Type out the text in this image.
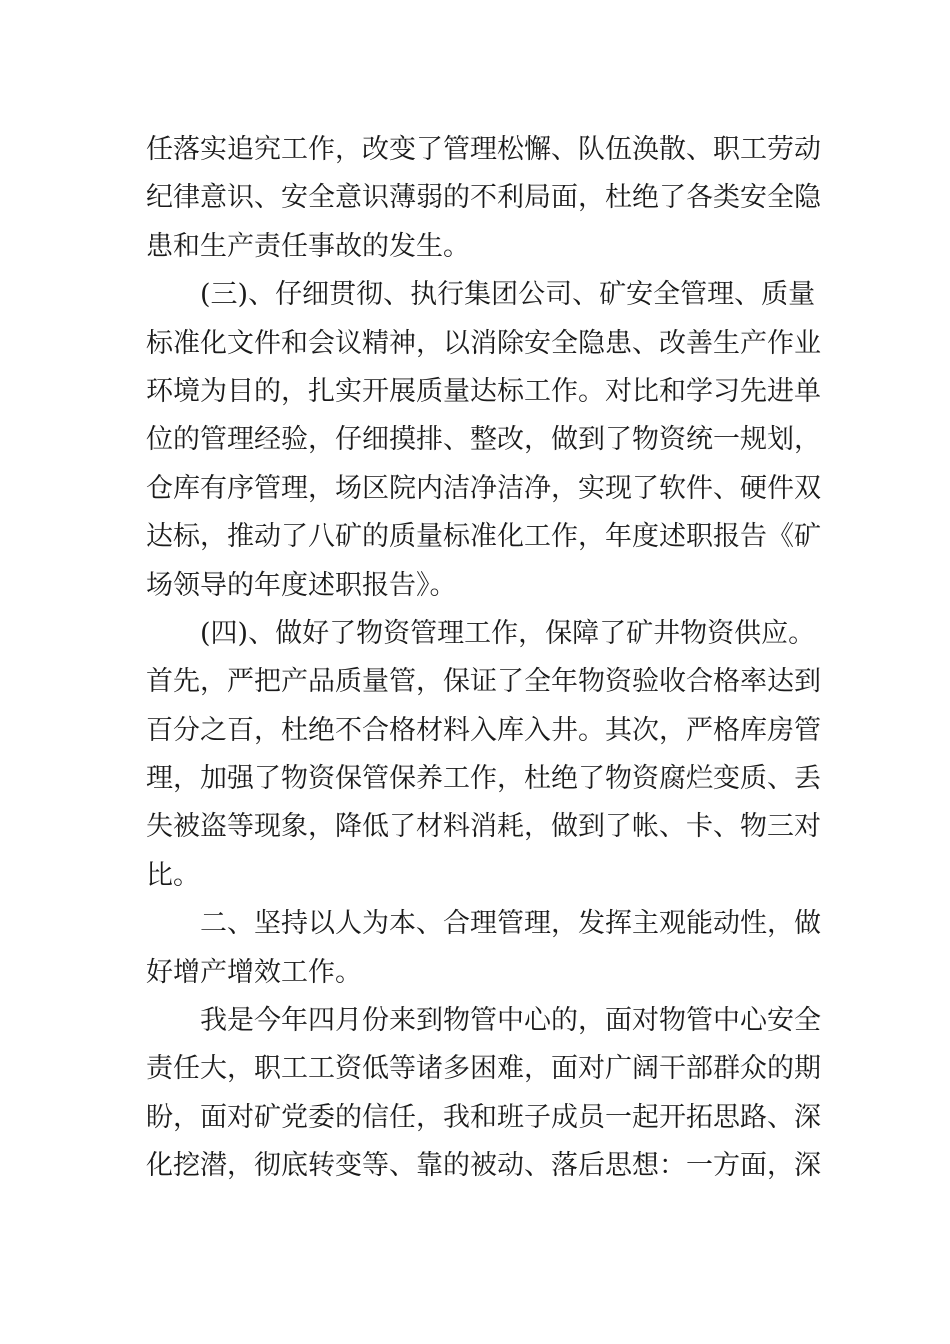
任落实追究工作，改变了管理松懈、队伍涣散、职工劳动
纪律意识、安全意识薄弱的不利局面，杜绝了各类安全隐
患和生产责任事故的发生。
(三)、仔细贯彻、执行集团公司、矿安全管理、质量
标准化文件和会议精神，以消除安全隐患、改善生产作业
环境为目的，扎实开展质量达标工作。对比和学习先进单
位的管理经验，仔细摸排、整改，做到了物资统一规划，
仓库有序管理，场区院内洁净洁净，实现了软件、硬件双
达标，推动了八矿的质量标准化工作，年度述职报告《矿
场领导的年度述职报告》。
(四)、做好了物资管理工作，保障了矿井物资供应。
首先，严把产品质量管，保证了全年物资验收合格率达到
百分之百，杜绝不合格材料入库入井。其次，严格库房管
理，加强了物资保管保养工作，杜绝了物资腐烂变质、丢
失被盗等现象，降低了材料消耗，做到了帐、卡、物三对
比。
二、坚持以人为本、合理管理，发挥主观能动性，做
好增产增效工作。
我是今年四月份来到物管中心的，面对物管中心安全
责任大，职工工资低等诸多困难，面对广阔干部群众的期
盼，面对矿党委的信任，我和班子成员一起开拓思路、深
化挖潜，彻底转变等、靠的被动、落后思想：一方面，深
